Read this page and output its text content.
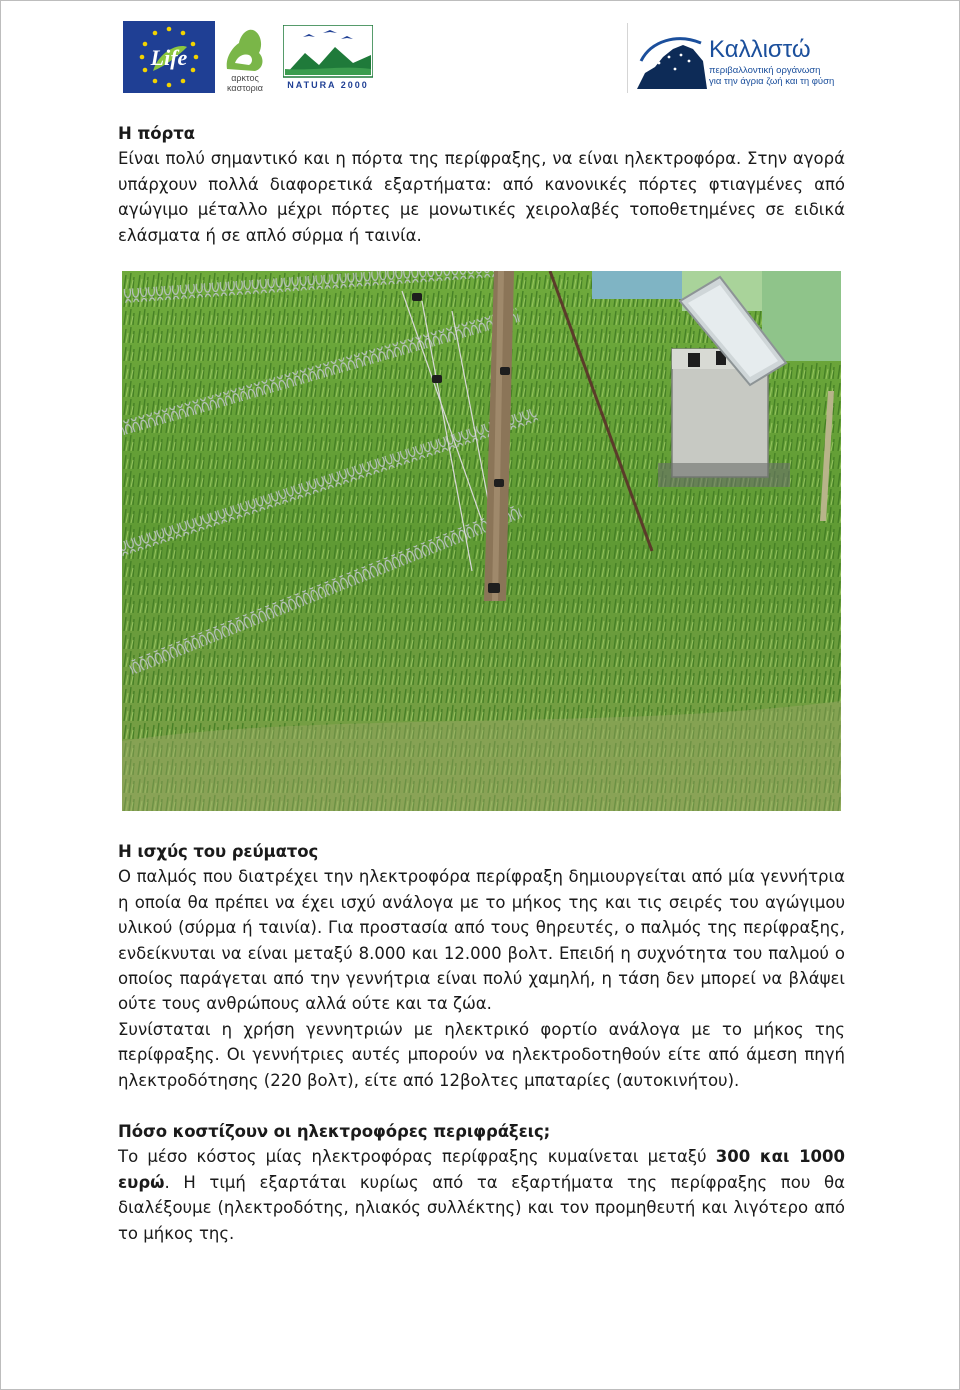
Life
αρκτος
καστορια	NATURA 2000
Καλλιστώ
περιβαλλοντική οργάνωση
για την άγρια ζωή και τη φύση
Η πόρτα
Είναι πολύ σημαντικό και η πόρτα της περίφραξης, να είναι ηλεκτροφόρα. Στην αγορά υπάρχουν πολλά διαφορετικά εξαρτήματα: από κανονικές πόρτες φτιαγμένες από αγώγιμο μέταλλο μέχρι πόρτες με μονωτικές χειρολαβές τοποθετημένες σε ειδικά ελάσματα ή σε απλό σύρμα ή ταινία.
Η ισχύς του ρεύματος
Ο παλμός που διατρέχει την ηλεκτροφόρα περίφραξη δημιουργείται από μία γεννήτρια η οποία θα πρέπει να έχει ισχύ ανάλογα με το μήκος της και τις σειρές του αγώγιμου υλικού (σύρμα ή ταινία). Για προστασία από τους θηρευτές, ο παλμός της περίφραξης, ενδείκνυται να είναι μεταξύ 8.000 και 12.000 βολτ. Επειδή η συχνότητα του παλμού ο οποίος παράγεται από την γεννήτρια είναι πολύ χαμηλή, η τάση δεν μπορεί να βλάψει ούτε τους ανθρώπους αλλά ούτε και τα ζώα.
Συνίσταται η χρήση γεννητριών με ηλεκτρικό φορτίο ανάλογα με το μήκος της περίφραξης. Οι γεννήτριες αυτές μπορούν να ηλεκτροδοτηθούν είτε από άμεση πηγή ηλεκτροδότησης (220 βολτ), είτε από 12βολτες μπαταρίες (αυτοκινήτου).
Πόσο κοστίζουν οι ηλεκτροφόρες περιφράξεις;
Το μέσο κόστος μίας ηλεκτροφόρας περίφραξης κυμαίνεται μεταξύ 300 και 1000 ευρώ. Η τιμή εξαρτάται κυρίως από τα εξαρτήματα της περίφραξης που θα διαλέξουμε (ηλεκτροδότης, ηλιακός συλλέκτης) και τον προμηθευτή και λιγότερο από το μήκος της.
